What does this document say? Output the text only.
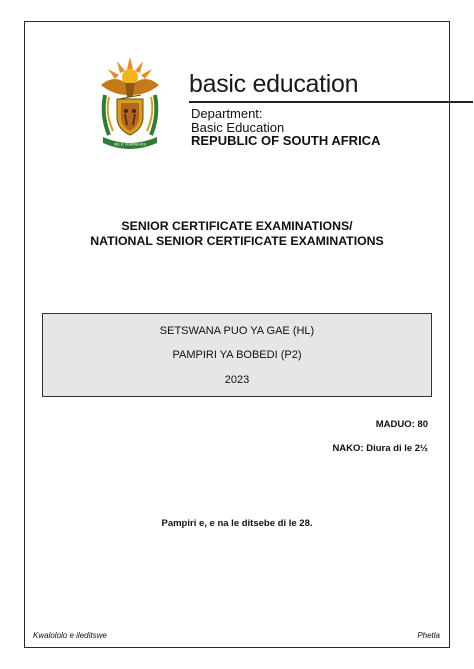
!KE E: /XARRA //KE
basic education
Department:
Basic Education
REPUBLIC OF SOUTH AFRICA
SENIOR CERTIFICATE EXAMINATIONS/
NATIONAL SENIOR CERTIFICATE EXAMINATIONS
SETSWANA PUO YA GAE (HL)
PAMPIRI YA BOBEDI (P2)
2023
MADUO: 80
NAKO: Diura di le 2½
Pampiri e, e na le ditsebe di le 28.
Kwalololo e ileditswe	Phetla
